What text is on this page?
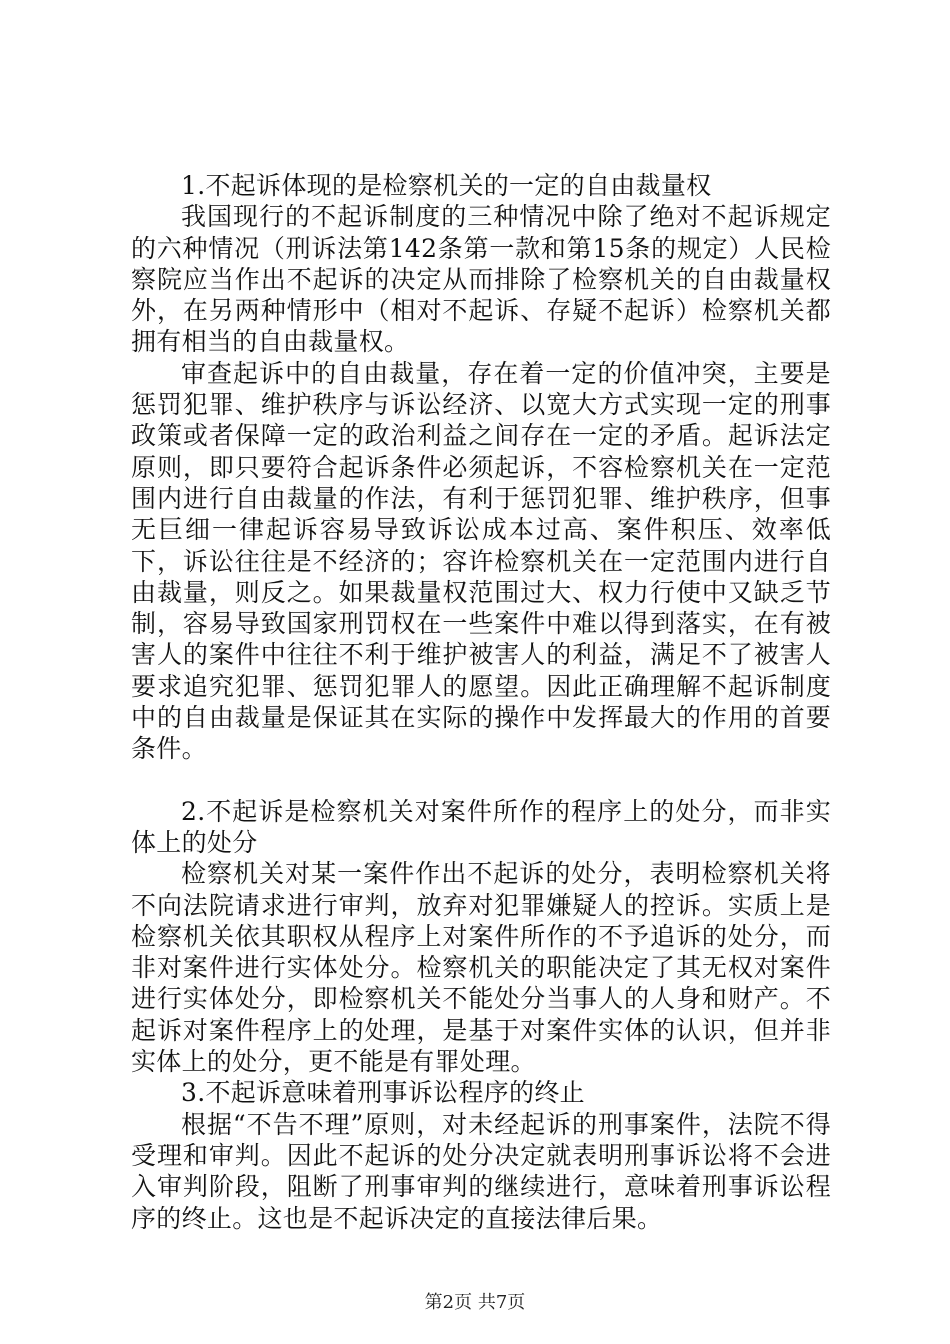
1.不起诉体现的是检察机关的一定的自由裁量权

我国现行的不起诉制度的三种情况中除了绝对不起诉规定的六种情况（刑诉法第142条第一款和第15条的规定）人民检察院应当作出不起诉的决定从而排除了检察机关的自由裁量权外，在另两种情形中（相对不起诉、存疑不起诉）检察机关都拥有相当的自由裁量权。

审查起诉中的自由裁量，存在着一定的价值冲突，主要是惩罚犯罪、维护秩序与诉讼经济、以宽大方式实现一定的刑事政策或者保障一定的政治利益之间存在一定的矛盾。起诉法定原则，即只要符合起诉条件必须起诉，不容检察机关在一定范围内进行自由裁量的作法，有利于惩罚犯罪、维护秩序，但事无巨细一律起诉容易导致诉讼成本过高、案件积压、效率低下，诉讼往往是不经济的；容许检察机关在一定范围内进行自由裁量，则反之。如果裁量权范围过大、权力行使中又缺乏节制，容易导致国家刑罚权在一些案件中难以得到落实，在有被害人的案件中往往不利于维护被害人的利益，满足不了被害人要求追究犯罪、惩罚犯罪人的愿望。因此正确理解不起诉制度中的自由裁量是保证其在实际的操作中发挥最大的作用的首要条件。

2.不起诉是检察机关对案件所作的程序上的处分，而非实体上的处分

检察机关对某一案件作出不起诉的处分，表明检察机关将不向法院请求进行审判，放弃对犯罪嫌疑人的控诉。实质上是检察机关依其职权从程序上对案件所作的不予追诉的处分，而非对案件进行实体处分。检察机关的职能决定了其无权对案件进行实体处分，即检察机关不能处分当事人的人身和财产。不起诉对案件程序上的处理，是基于对案件实体的认识，但并非实体上的处分，更不能是有罪处理。

3.不起诉意味着刑事诉讼程序的终止

根据“不告不理”原则，对未经起诉的刑事案件，法院不得受理和审判。因此不起诉的处分决定就表明刑事诉讼将不会进入审判阶段，阻断了刑事审判的继续进行，意味着刑事诉讼程序的终止。这也是不起诉决定的直接法律后果。

第2页 共7页
